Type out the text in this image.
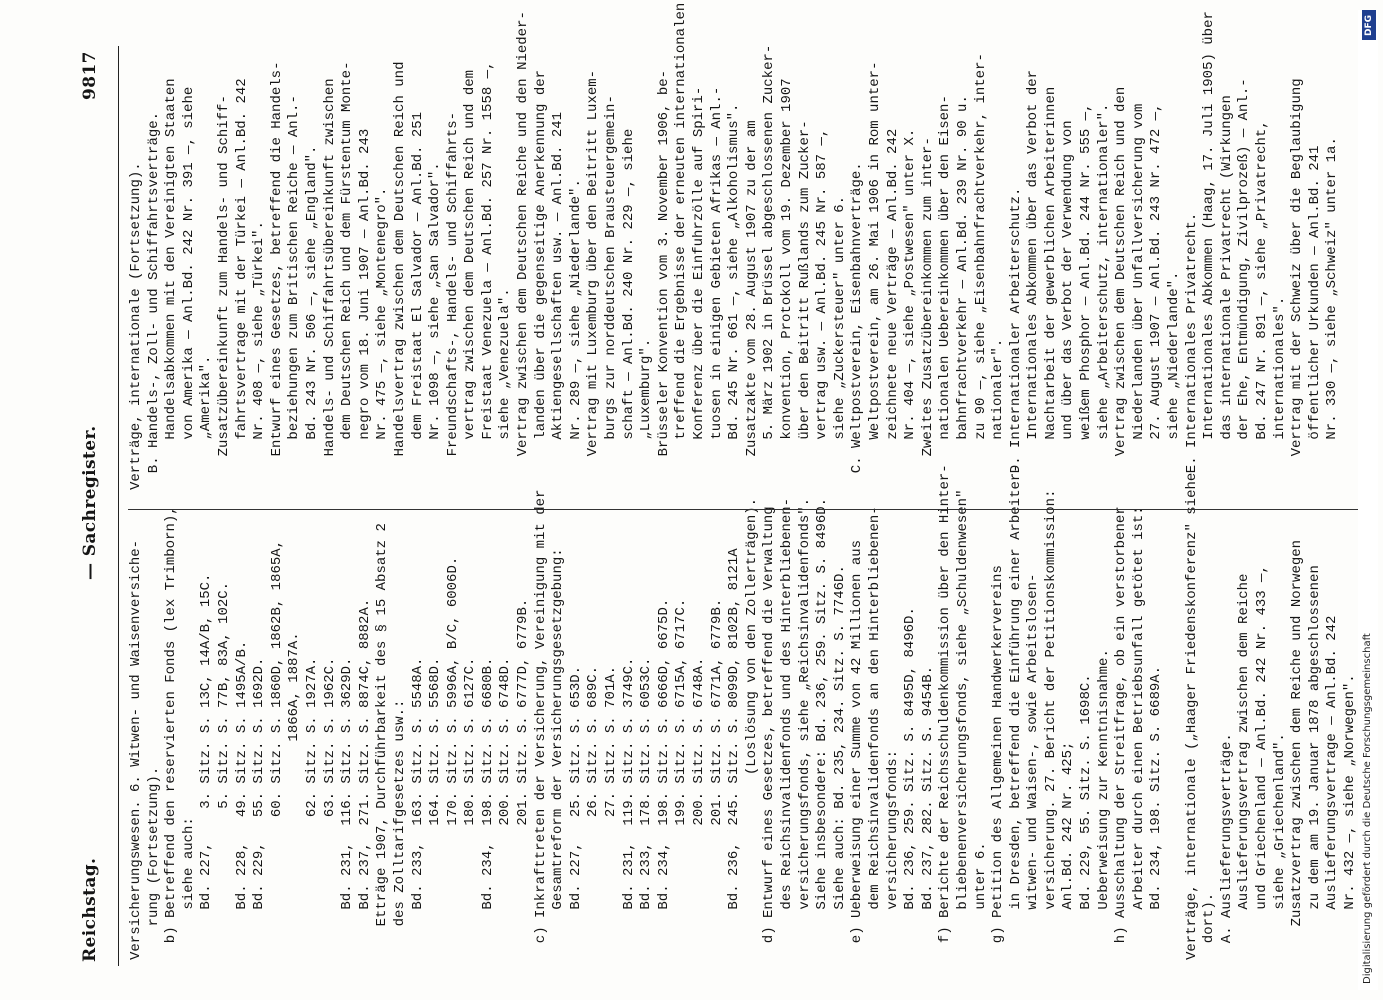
Reichstag.
— Sachregister.
9817
Versicherungswesen. 6. Witwen- und Waisenversiche-
rung (Fortsetzung).
b) Betreffend den reservierten Fonds (lex Trimborn),
siehe auch:
Bd. 227,    3. Sitz. S. 13C, 14A/B, 15C.
5. Sitz. S. 77B, 83A, 102C.
Bd. 228,   49. Sitz. S. 1495A/B.
Bd. 229,   55. Sitz. S. 1692D.
60. Sitz. S. 1860D, 1862B, 1865A,
1866A, 1887A.
62. Sitz. S. 1927A.
63. Sitz. S. 1962C.
Bd. 231,  116. Sitz. S. 3629D.
Bd. 237,  271. Sitz. S. 8874C, 8882A.
Etträge 1907, Durchführbarkeit des § 15 Absatz 2
des Zolltarifgesetzes usw.:
Bd. 233,  163. Sitz. S. 5548A.
164. Sitz. S. 5568D.
170. Sitz. S. 5996A, B/C, 6006D.
180. Sitz. S. 6127C.
Bd. 234,  198. Sitz. S. 6680B.
200. Sitz. S. 6748D.
201. Sitz. S. 6777D, 6779B.
c) Inkrafttreten der Versicherung, Vereinigung mit der
Gesamtreform der Versicherungsgesetzgebung:
Bd. 227,   25. Sitz. S. 653D.
26. Sitz. S. 689C.
27. Sitz. S. 701A.
Bd. 231,  119. Sitz. S. 3749C.
Bd. 233,  178. Sitz. S. 6053C.
Bd. 234,  198. Sitz. S. 6666D, 6675D.
199. Sitz. S. 6715A, 6717C.
200. Sitz. S. 6748A.
201. Sitz. S. 6771A, 6779B.
Bd. 236,  245. Sitz. S. 8099D, 8102B, 8121A
(Loslösung von den Zollerträgen).
d) Entwurf eines Gesetzes, betreffend die Verwaltung
des Reichsinvalidenfonds und des Hinterbliebenen-
versicherungsfonds, siehe „Reichsinvalidenfonds".
Siehe insbesondere: Bd. 236, 259. Sitz. S. 8496D.
Siehe auch: Bd. 235, 234. Sitz. S. 7746D.
e) Ueberweisung einer Summe von 42 Millionen aus
dem Reichsinvalidenfonds an den Hinterbliebenen-
versicherungsfonds:
Bd. 236, 259. Sitz. S. 8495D, 8496D.
Bd. 237, 282. Sitz. S. 9454B.
f) Berichte der Reichsschuldenkommission über den Hinter-
bliebenenversicherungsfonds, siehe „Schuldenwesen"
unter 6.
g) Petition des Allgemeinen Handwerkervereins
in Dresden, betreffend die Einführung einer Arbeiter-
witwen- und Waisen-, sowie Arbeitslosen-
versicherung. 27. Bericht der Petitionskommission:
Anl.Bd. 242 Nr. 425;
Bd. 229, 55. Sitz. S. 1698C.
Ueberweisung zur Kenntnisnahme.
h) Ausschaltung der Streitfrage, ob ein verstorbener
Arbeiter durch einen Betriebsunfall getötet ist:
Bd. 234, 198. Sitz. S. 6689A.

Verträge, internationale („Haager Friedenskonferenz" siehe
dort).
A. Auslieferungsverträge.
Auslieferungsvertrag zwischen dem Reiche
und Griechenland — Anl.Bd. 242 Nr. 433 —,
siehe „Griechenland".
Zusatzvertrag zwischen dem Reiche und Norwegen
zu dem am 19. Januar 1878 abgeschlossenen
Auslieferungsvertrage — Anl.Bd. 242
Nr. 432 —, siehe „Norwegen".
Verträge, internationale (Fortsetzung).
B. Handels-, Zoll- und Schiffahrtsverträge.
Handelsabkommen mit den Vereinigten Staaten
von Amerika — Anl.Bd. 242 Nr. 391 —, siehe
„Amerika".
Zusatzübereinkunft zum Handels- und Schiff-
fahrtsvertrage mit der Türkei — Anl.Bd. 242
Nr. 408 —, siehe „Türkei".
Entwurf eines Gesetzes, betreffend die Handels-
beziehungen zum Britischen Reiche — Anl.-
Bd. 243 Nr. 506 —, siehe „England".
Handels- und Schiffahrtsübereinkunft zwischen
dem Deutschen Reich und dem Fürstentum Monte-
negro vom 18. Juni 1907 — Anl.Bd. 243
Nr. 475 —, siehe „Montenegro".
Handelsvertrag zwischen dem Deutschen Reich und
dem Freistaat El Salvador — Anl.Bd. 251
Nr. 1098 —, siehe „San Salvador".
Freundschafts-, Handels- und Schiffahrts-
vertrag zwischen dem Deutschen Reich und dem
Freistaat Venezuela — Anl.Bd. 257 Nr. 1558 —,
siehe „Venezuela".
Vertrag zwischen dem Deutschen Reiche und den Nieder-
landen über die gegenseitige Anerkennung der
Aktiengesellschaften usw. — Anl.Bd. 241
Nr. 289 —, siehe „Niederlande".
Vertrag mit Luxemburg über den Beitritt Luxem-
burgs zur norddeutschen Brausteuergemein-
schaft — Anl.Bd. 240 Nr. 229 —, siehe
„Luxemburg".
Brüsseler Konvention vom 3. November 1906, be-
treffend die Ergebnisse der erneuten internationalen
Konferenz über die Einfuhrzölle auf Spiri-
tuosen in einigen Gebieten Afrikas — Anl.-
Bd. 245 Nr. 661 —, siehe „Alkoholismus".
Zusatzakte vom 28. August 1907 zu der am
5. März 1902 in Brüssel abgeschlossenen Zucker-
konvention, Protokoll vom 19. Dezember 1907
über den Beitritt Rußlands zum Zucker-
vertrag usw. — Anl.Bd. 245 Nr. 587 —,
siehe „Zuckersteuer" unter 6.
C. Weltpostverein, Eisenbahnverträge.
Weltpostverein, am 26. Mai 1906 in Rom unter-
zeichnete neue Verträge — Anl.Bd. 242
Nr. 404 —, siehe „Postwesen" unter X.
Zweites Zusatzübereinkommen zum inter-
nationalen Uebereinkommen über den Eisen-
bahnfrachtverkehr — Anl.Bd. 239 Nr. 90 u.
zu 90 —, siehe „Eisenbahnfrachtverkehr, inter-
nationaler".
D. Internationaler Arbeiterschutz.
Internationales Abkommen über das Verbot der
Nachtarbeit der gewerblichen Arbeiterinnen
und über das Verbot der Verwendung von
weißem Phosphor — Anl.Bd. 244 Nr. 555 —,
siehe „Arbeiterschutz, internationaler".
Vertrag zwischen dem Deutschen Reich und den
Niederlanden über Unfallversicherung vom
27. August 1907 — Anl.Bd. 243 Nr. 472 —,
siehe „Niederlande".
E. Internationales Privatrecht.
Internationales Abkommen (Haag, 17. Juli 1905) über
das internationale Privatrecht (Wirkungen
der Ehe, Entmündigung, Zivilprozeß) — Anl.-
Bd. 247 Nr. 891 —, siehe „Privatrecht,
internationales".
Vertrag mit der Schweiz über die Beglaubigung
öffentlicher Urkunden — Anl.Bd. 241
Nr. 330 —, siehe „Schweiz" unter 1a.
DFG
Digitalisierung gefördert durch die Deutsche Forschungsgemeinschaft
